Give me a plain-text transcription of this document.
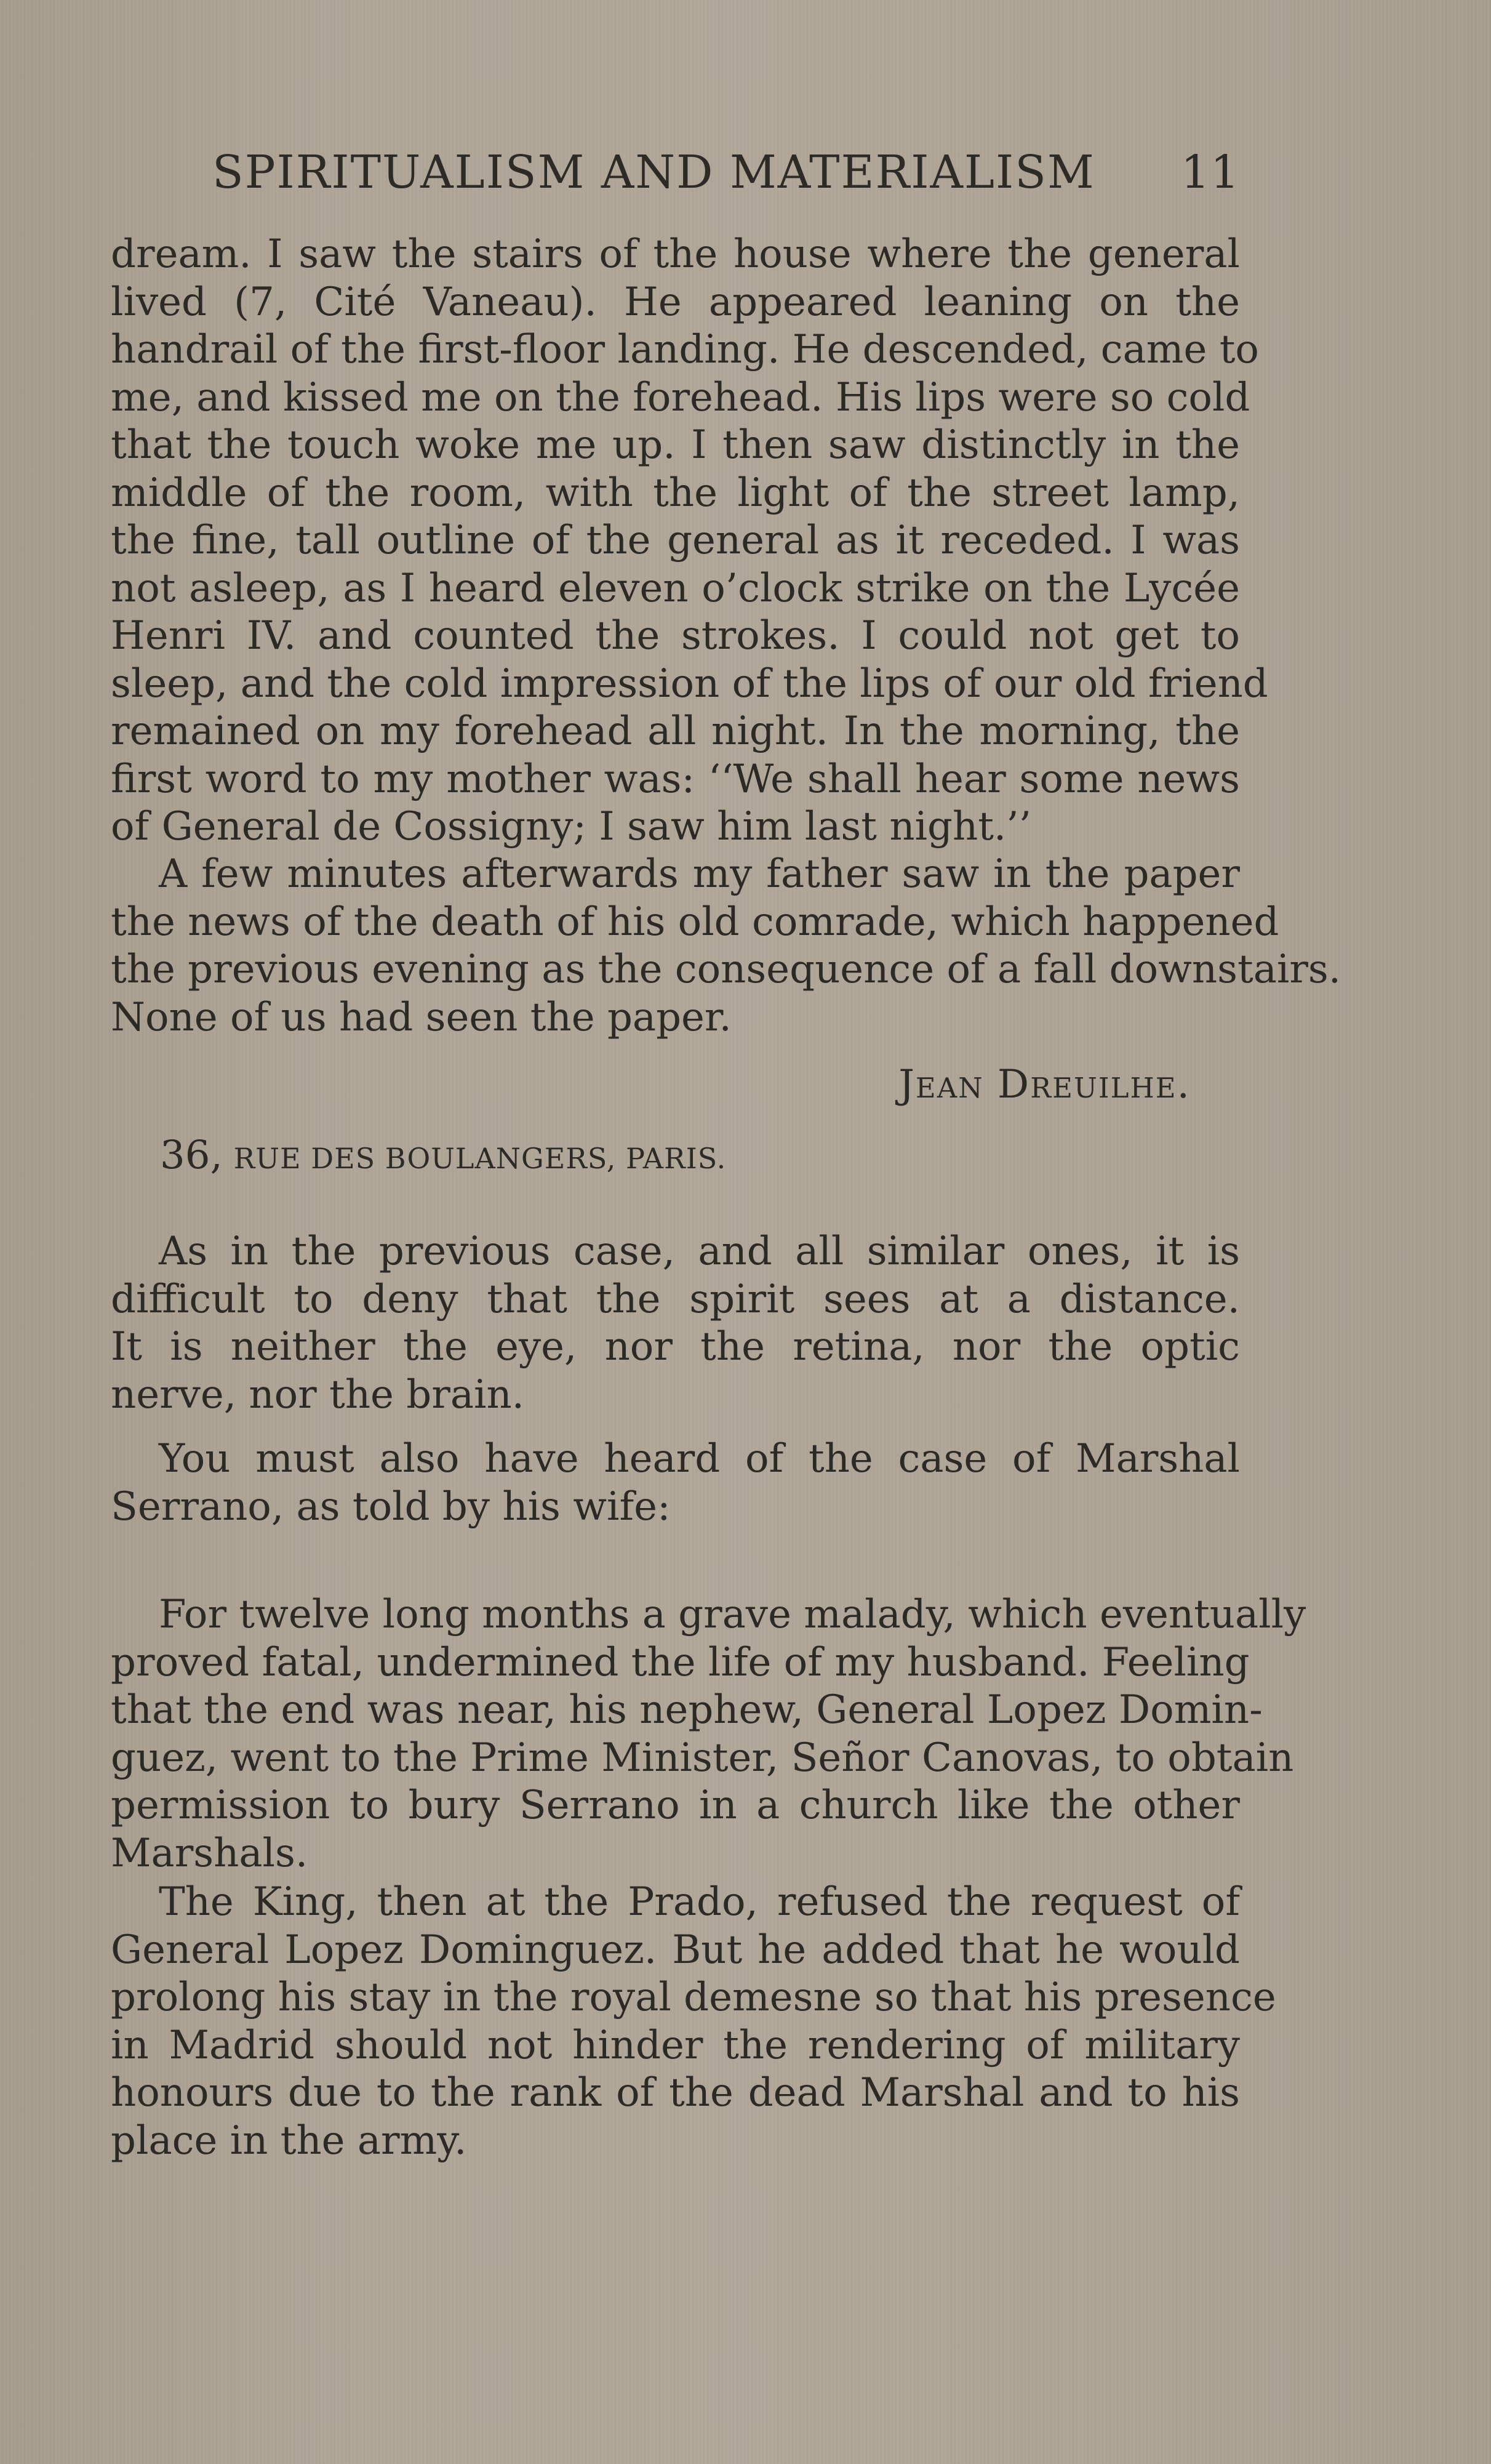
SPIRITUALISM AND MATERIALISM 11
dream. I saw the stairs of the house where the general
lived (7, Cité Vaneau). He appeared leaning on the
handrail of the first-floor landing. He descended, came to
me, and kissed me on the forehead. His lips were so cold
that the touch woke me up. I then saw distinctly in the
middle of the room, with the light of the street lamp,
the fine, tall outline of the general as it receded. I was
not asleep, as I heard eleven o’clock strike on the Lycée
Henri IV. and counted the strokes. I could not get to
sleep, and the cold impression of the lips of our old friend
remained on my forehead all night. In the morning, the
first word to my mother was: ‘‘We shall hear some news
of General de Cossigny; I saw him last night.’’
A few minutes afterwards my father saw in the paper
the news of the death of his old comrade, which happened
the previous evening as the consequence of a fall downstairs.
None of us had seen the paper.
Jean Dreuilhe.
36, RUE DES BOULANGERS, PARIS.
As in the previous case, and all similar ones, it is
difficult to deny that the spirit sees at a distance.
It is neither the eye, nor the retina, nor the optic
nerve, nor the brain.
You must also have heard of the case of Marshal
Serrano, as told by his wife:
For twelve long months a grave malady, which eventually
proved fatal, undermined the life of my husband. Feeling
that the end was near, his nephew, General Lopez Domin-
guez, went to the Prime Minister, Señor Canovas, to obtain
permission to bury Serrano in a church like the other
Marshals.
The King, then at the Prado, refused the request of
General Lopez Dominguez. But he added that he would
prolong his stay in the royal demesne so that his presence
in Madrid should not hinder the rendering of military
honours due to the rank of the dead Marshal and to his
place in the army.
